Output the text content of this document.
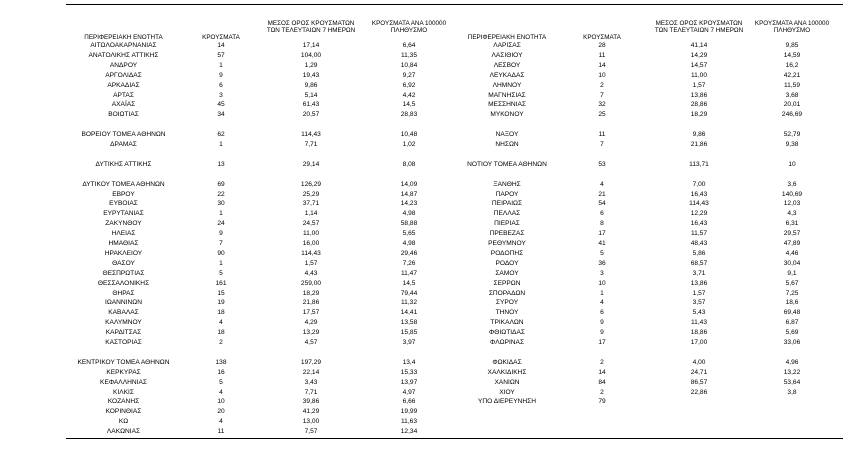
ΠΕΡΙΦΕΡΕΙΑΚΗ ΕΝΟΤΗΤΑ	ΚΡΟΥΣΜΑΤΑ
ΜΕΣΟΣ ΟΡΟΣ ΚΡΟΥΣΜΑΤΩΝ
ΤΩΝ ΤΕΛΕΥΤΑΙΩΝ 7 ΗΜΕΡΩΝ
ΚΡΟΥΣΜΑΤΑ ΑΝΑ 100000
ΠΛΗΘΥΣΜΟ
ΠΕΡΙΦΕΡΕΙΑΚΗ ΕΝΟΤΗΤΑ	ΚΡΟΥΣΜΑΤΑ
ΜΕΣΟΣ ΟΡΟΣ ΚΡΟΥΣΜΑΤΩΝ
ΤΩΝ ΤΕΛΕΥΤΑΙΩΝ 7 ΗΜΕΡΩΝ
ΚΡΟΥΣΜΑΤΑ ΑΝΑ 100000
ΠΛΗΘΥΣΜΟ
ΑΙΤΩΛΟΑΚΑΡΝΑΝΙΑΣ	14	17,14	6,64
ΑΝΑΤΟΛΙΚΗΣ ΑΤΤΙΚΗΣ	57	104,00	11,35
ΑΝΔΡΟΥ	1	1,29	10,84
ΑΡΓΟΛΙΔΑΣ	9	19,43	9,27
ΑΡΚΑΔΙΑΣ	6	9,86	6,92
ΑΡΤΑΣ	3	5,14	4,42
ΑΧΑΪΑΣ	45	61,43	14,5
ΒΟΙΩΤΙΑΣ	34	20,57	28,83
ΒΟΡΕΙΟΥ ΤΟΜΕΑ ΑΘΗΝΩΝ	62	114,43	10,48
ΔΡΑΜΑΣ	1	7,71	1,02
ΔΥΤΙΚΗΣ ΑΤΤΙΚΗΣ	13	29,14	8,08
ΔΥΤΙΚΟΥ ΤΟΜΕΑ ΑΘΗΝΩΝ	69	126,29	14,09
ΕΒΡΟΥ	22	25,29	14,87
ΕΥΒΟΙΑΣ	30	37,71	14,23
ΕΥΡΥΤΑΝΙΑΣ	1	1,14	4,98
ΖΑΚΥΝΘΟΥ	24	24,57	58,88
ΗΛΕΙΑΣ	9	11,00	5,65
ΗΜΑΘΙΑΣ	7	16,00	4,98
ΗΡΑΚΛΕΙΟΥ	90	114,43	29,46
ΘΑΣΟΥ	1	1,57	7,26
ΘΕΣΠΡΩΤΙΑΣ	5	4,43	11,47
ΘΕΣΣΑΛΟΝΙΚΗΣ	161	259,00	14,5
ΘΗΡΑΣ	15	18,29	79,44
ΙΩΑΝΝΙΝΩΝ	19	21,86	11,32
ΚΑΒΑΛΑΣ	18	17,57	14,41
ΚΑΛΥΜΝΟΥ	4	4,29	13,58
ΚΑΡΔΙΤΣΑΣ	18	13,29	15,85
ΚΑΣΤΟΡΙΑΣ	2	4,57	3,97
ΚΕΝΤΡΙΚΟΥ ΤΟΜΕΑ ΑΘΗΝΩΝ	138	197,29	13,4
ΚΕΡΚΥΡΑΣ	16	22,14	15,33
ΚΕΦΑΛΛΗΝΙΑΣ	5	3,43	13,97
ΚΙΛΚΙΣ	4	7,71	4,97
ΚΟΖΑΝΗΣ	10	39,86	6,66
ΚΟΡΙΝΘΙΑΣ	20	41,29	19,99
ΚΩ	4	13,00	11,63
ΛΑΚΩΝΙΑΣ	11	7,57	12,34
ΛΑΡΙΣΑΣ	28	41,14	9,85
ΛΑΣΙΘΙΟΥ	11	14,29	14,59
ΛΕΣΒΟΥ	14	14,57	16,2
ΛΕΥΚΑΔΑΣ	10	11,00	42,21
ΛΗΜΝΟΥ	2	1,57	11,59
ΜΑΓΝΗΣΙΑΣ	7	13,86	3,68
ΜΕΣΣΗΝΙΑΣ	32	28,86	20,01
ΜΥΚΟΝΟΥ	25	18,29	246,69
ΝΑΞΟΥ	11	9,86	52,79
ΝΗΣΩΝ	7	21,86	9,38
ΝΟΤΙΟΥ ΤΟΜΕΑ ΑΘΗΝΩΝ	53	113,71	10
ΞΑΝΘΗΣ	4	7,00	3,6
ΠΑΡΟΥ	21	16,43	140,69
ΠΕΙΡΑΙΩΣ	54	114,43	12,03
ΠΕΛΛΑΣ	6	12,29	4,3
ΠΙΕΡΙΑΣ	8	16,43	6,31
ΠΡΕΒΕΖΑΣ	17	11,57	29,57
ΡΕΘΥΜΝΟΥ	41	48,43	47,89
ΡΟΔΟΠΗΣ	5	5,86	4,46
ΡΟΔΟΥ	36	68,57	30,04
ΣΑΜΟΥ	3	3,71	9,1
ΣΕΡΡΩΝ	10	13,86	5,67
ΣΠΟΡΑΔΩΝ	1	1,57	7,25
ΣΥΡΟΥ	4	3,57	18,6
ΤΗΝΟΥ	6	5,43	69,48
ΤΡΙΚΑΛΩΝ	9	11,43	6,87
ΦΘΙΩΤΙΔΑΣ	9	18,86	5,69
ΦΛΩΡΙΝΑΣ	17	17,00	33,06
ΦΩΚΙΔΑΣ	2	4,00	4,96
ΧΑΛΚΙΔΙΚΗΣ	14	24,71	13,22
ΧΑΝΙΩΝ	84	86,57	53,64
ΧΙΟΥ	2	22,86	3,8
ΥΠΟ ΔΙΕΡΕΥΝΗΣΗ	79
